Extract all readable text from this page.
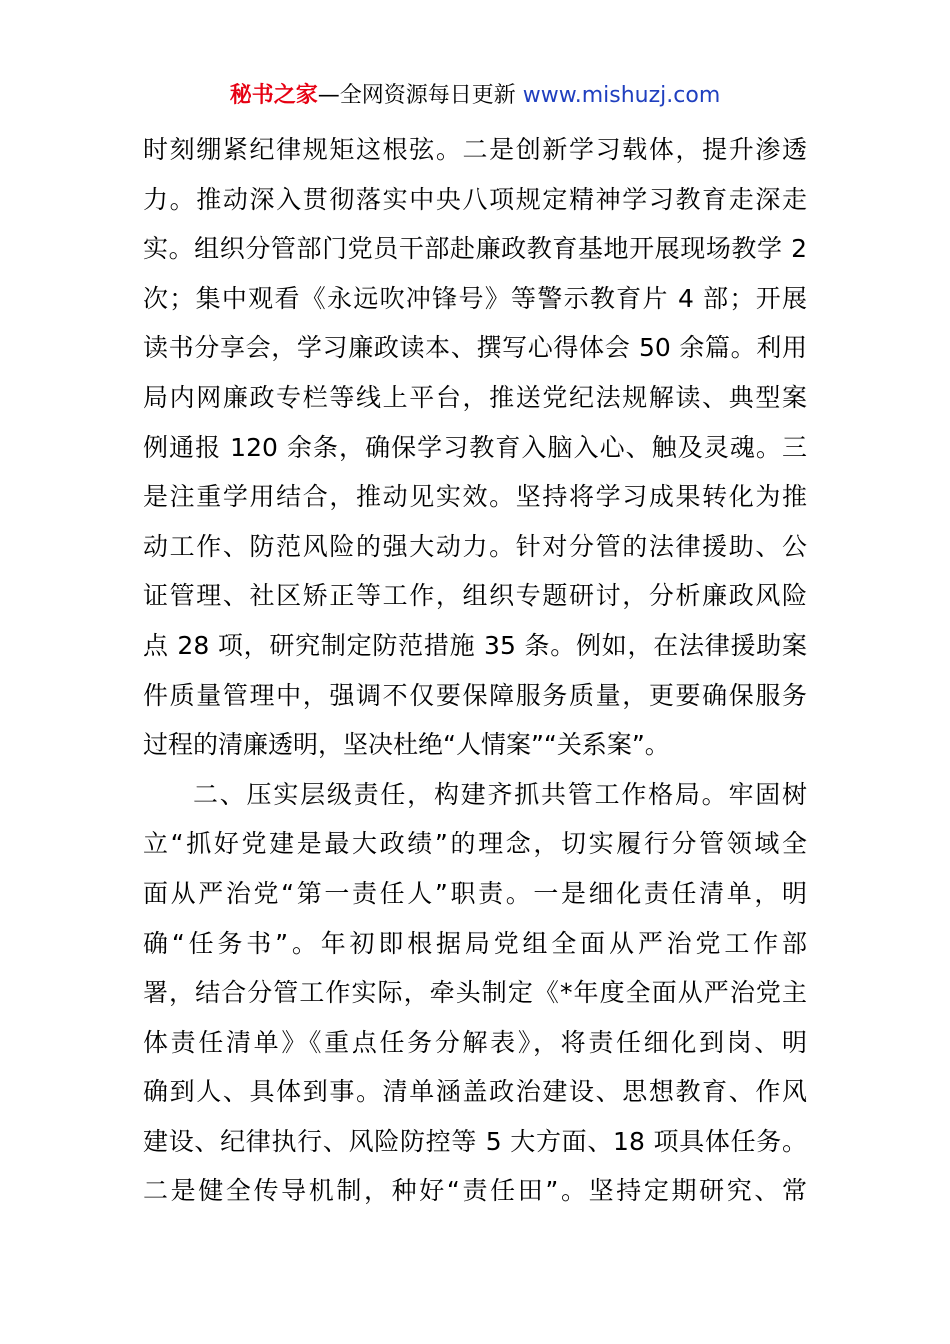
秘书之家—全网资源每日更新 www.mishuzj.com
时刻绷紧纪律规矩这根弦。二是创新学习载体，提升渗透
力。推动深入贯彻落实中央八项规定精神学习教育走深走
实。组织分管部门党员干部赴廉政教育基地开展现场教学 2
次；集中观看《永远吹冲锋号》等警示教育片 4 部；开展
读书分享会，学习廉政读本、撰写心得体会 50 余篇。利用
局内网廉政专栏等线上平台，推送党纪法规解读、典型案
例通报 120 余条，确保学习教育入脑入心、触及灵魂。三
是注重学用结合，推动见实效。坚持将学习成果转化为推
动工作、防范风险的强大动力。针对分管的法律援助、公
证管理、社区矫正等工作，组织专题研讨，分析廉政风险
点 28 项，研究制定防范措施 35 条。例如，在法律援助案
件质量管理中，强调不仅要保障服务质量，更要确保服务
过程的清廉透明，坚决杜绝“人情案”“关系案”。
二、压实层级责任，构建齐抓共管工作格局。牢固树
立“抓好党建是最大政绩”的理念，切实履行分管领域全
面从严治党“第一责任人”职责。一是细化责任清单，明
确“任务书”。年初即根据局党组全面从严治党工作部
署，结合分管工作实际，牵头制定《*年度全面从严治党主
体责任清单》《重点任务分解表》，将责任细化到岗、明
确到人、具体到事。清单涵盖政治建设、思想教育、作风
建设、纪律执行、风险防控等 5 大方面、18 项具体任务。
二是健全传导机制，种好“责任田”。坚持定期研究、常
